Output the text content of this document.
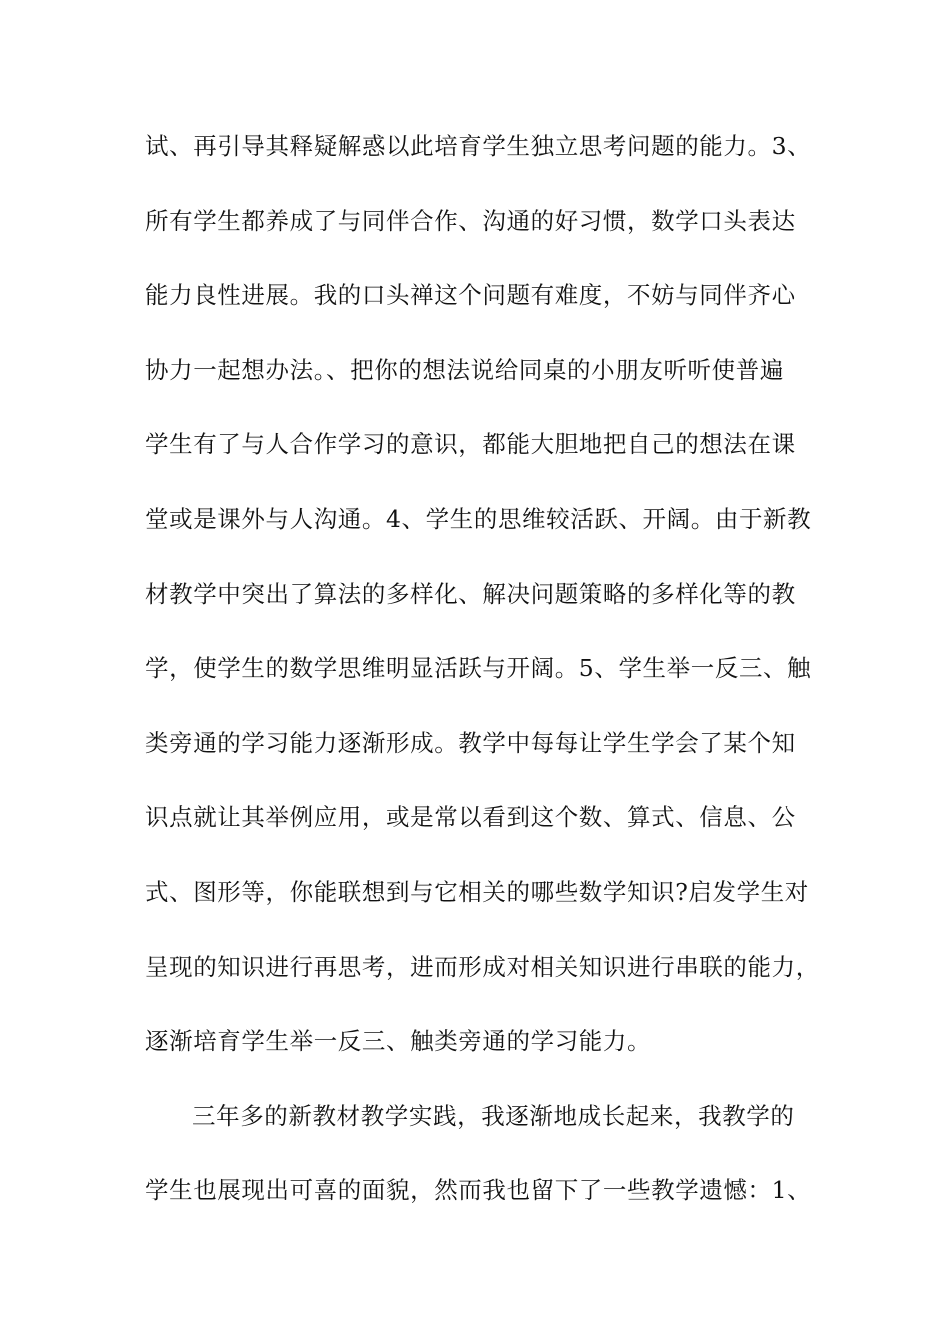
试、再引导其释疑解惑以此培育学生独立思考问题的能力。3、
所有学生都养成了与同伴合作、沟通的好习惯，数学口头表达
能力良性进展。我的口头禅这个问题有难度，不妨与同伴齐心
协力一起想办法。、把你的想法说给同桌的小朋友听听使普遍
学生有了与人合作学习的意识，都能大胆地把自己的想法在课
堂或是课外与人沟通。4、学生的思维较活跃、开阔。由于新教
材教学中突出了算法的多样化、解决问题策略的多样化等的教
学，使学生的数学思维明显活跃与开阔。5、学生举一反三、触
类旁通的学习能力逐渐形成。教学中每每让学生学会了某个知
识点就让其举例应用，或是常以看到这个数、算式、信息、公
式、图形等，你能联想到与它相关的哪些数学知识?启发学生对
呈现的知识进行再思考，进而形成对相关知识进行串联的能力，
逐渐培育学生举一反三、触类旁通的学习能力。
三年多的新教材教学实践，我逐渐地成长起来，我教学的
学生也展现出可喜的面貌，然而我也留下了一些教学遗憾：1、
